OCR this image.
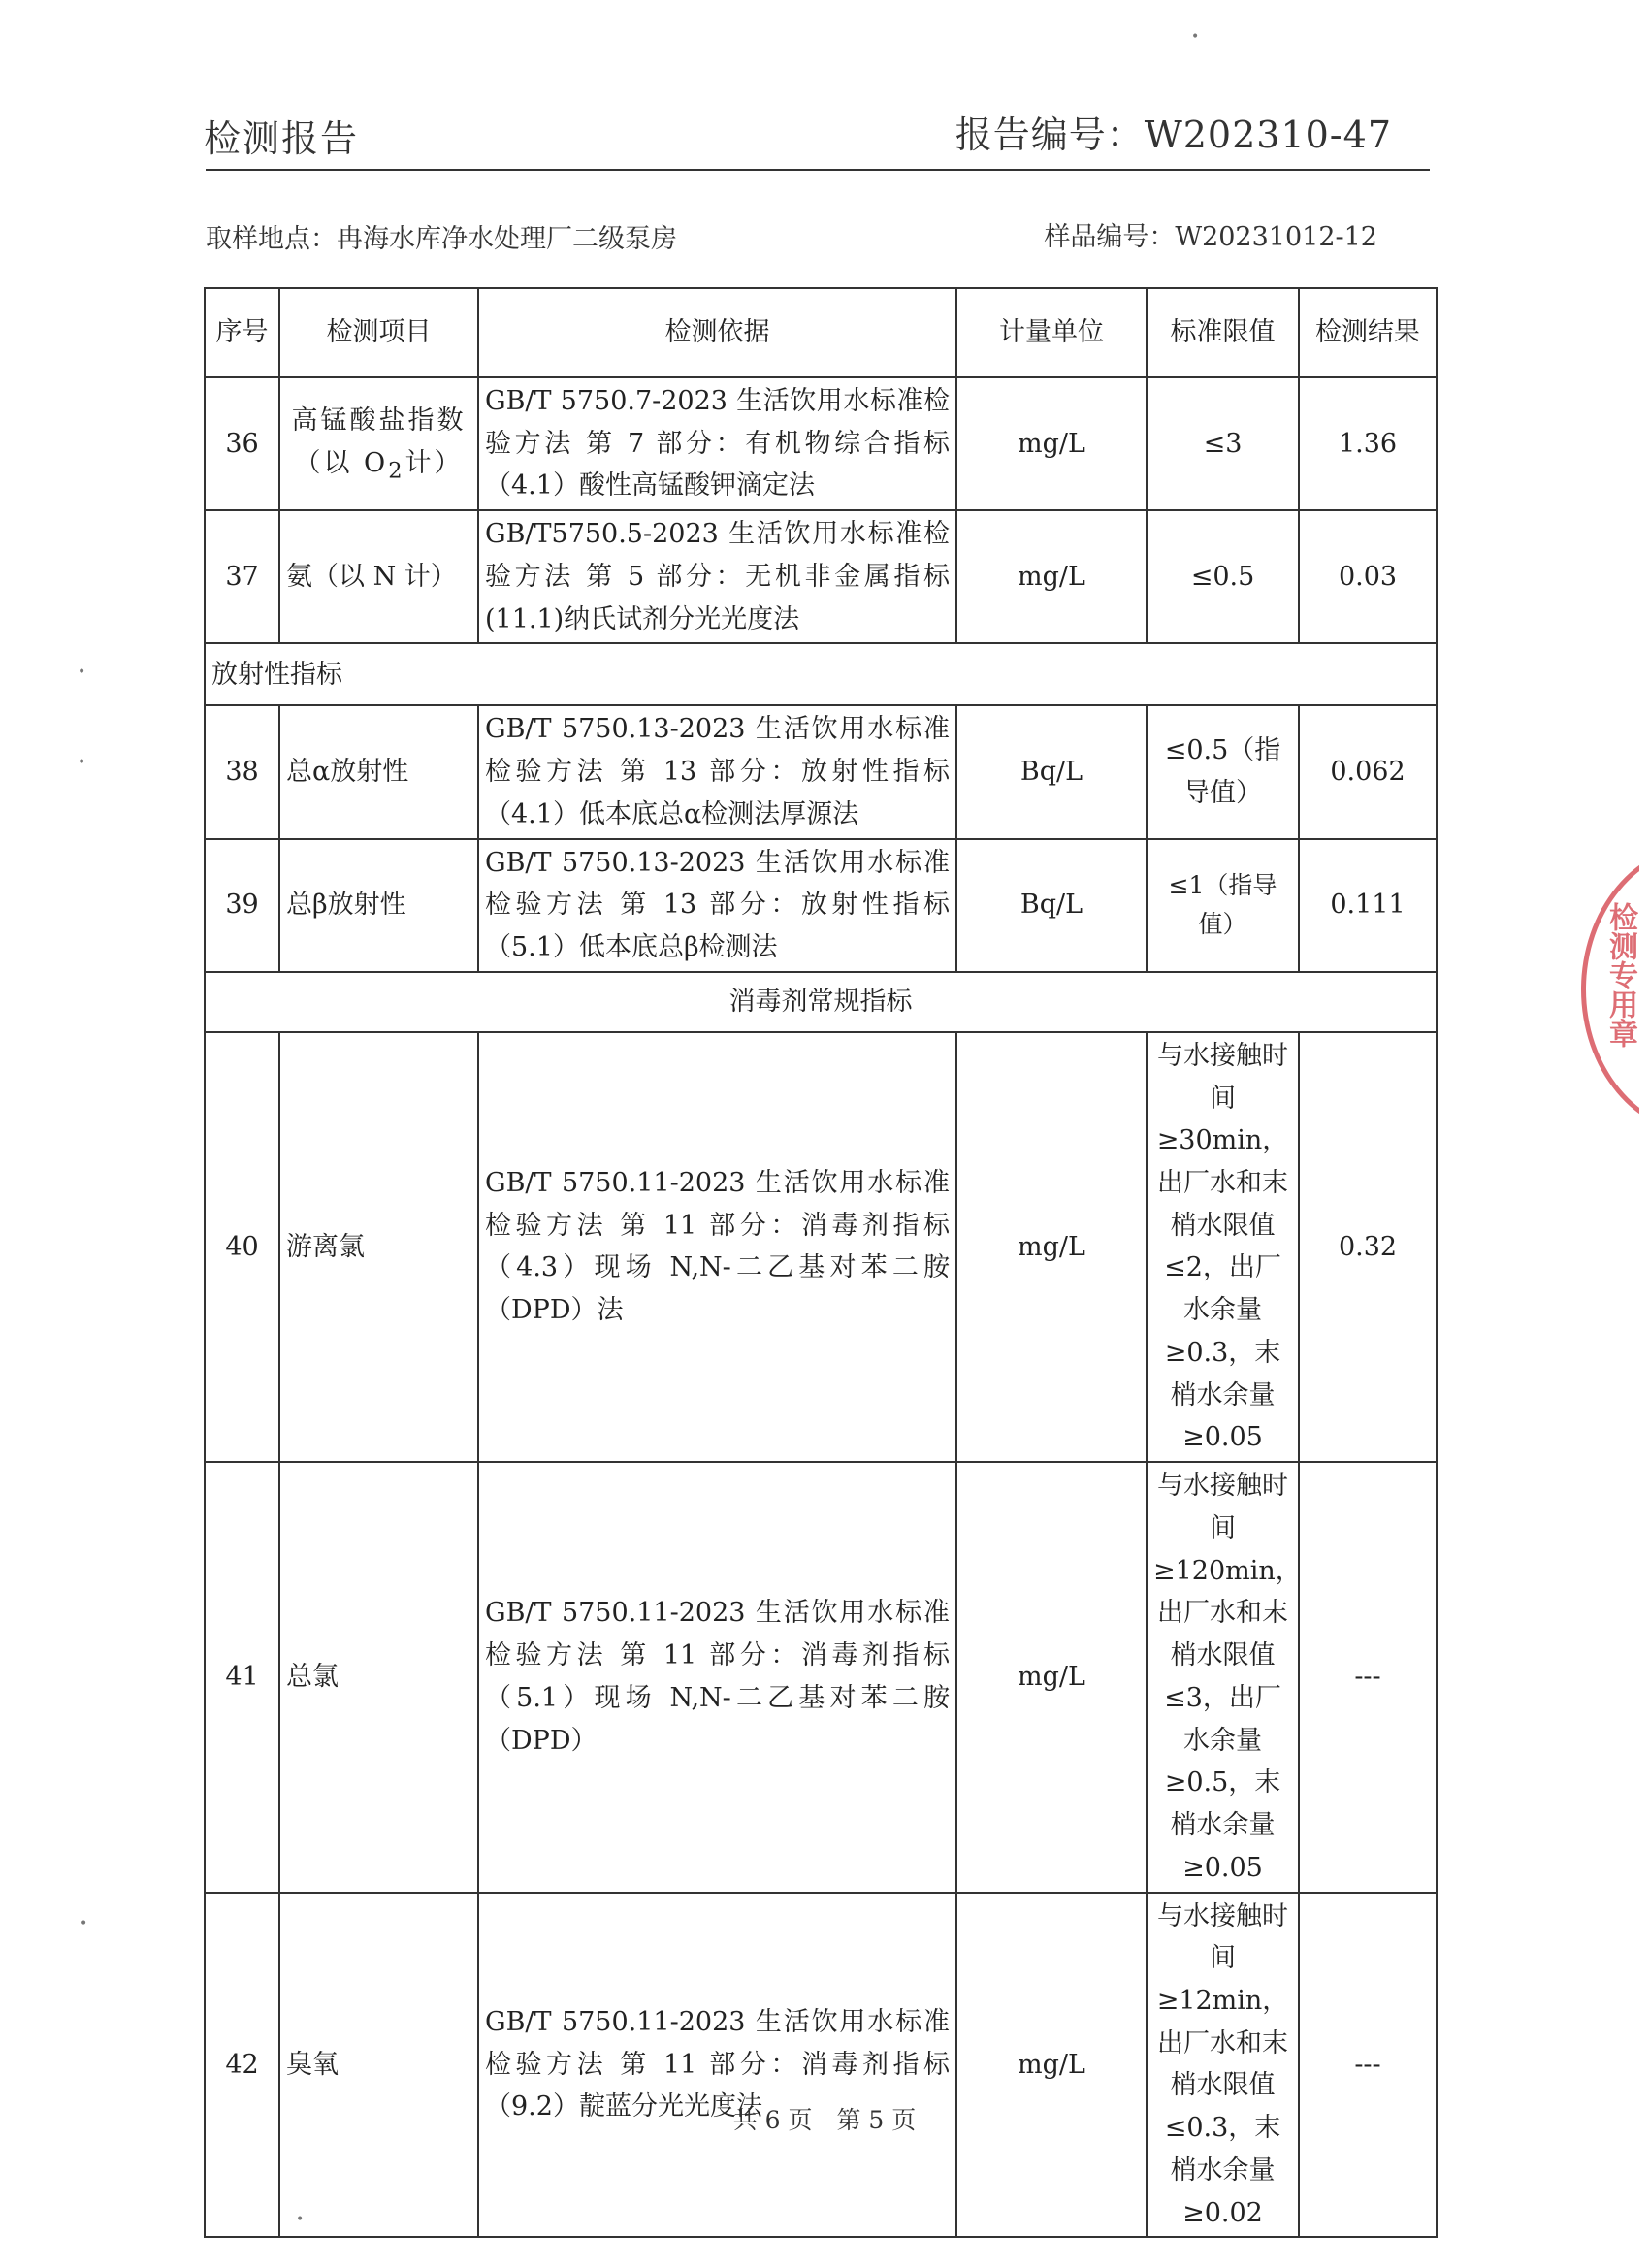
检测报告	报告编号：W202310-47
取样地点：冉海水库净水处理厂二级泵房	样品编号：W20231012-12
序号	检测项目	检测依据	计量单位	标准限值	检测结果
36	高锰酸盐指数（以 $O_2$计）	GB/T 5750.7-2023 生活饮用水标准检验方法 第 7 部分：有机物综合指标（4.1）酸性高锰酸钾滴定法	mg/L	≤3	1.36
37	氨（以 N 计）	GB/T5750.5-2023 生活饮用水标准检验方法 第 5 部分：无机非金属指标(11.1)纳氏试剂分光光度法	mg/L	≤0.5	0.03
放射性指标					
38	总α放射性	GB/T 5750.13-2023 生活饮用水标准检验方法 第 13 部分：放射性指标（4.1）低本底总α检测法厚源法	Bq/L	≤0.5（指导值）	0.062
39	总β放射性	GB/T 5750.13-2023 生活饮用水标准检验方法 第 13 部分：放射性指标（5.1）低本底总β检测法	Bq/L	≤1（指导值）	0.111
消毒剂常规指标					
40	游离氯	GB/T 5750.11-2023 生活饮用水标准检验方法 第 11 部分：消毒剂指标（4.3）现场 N,N-二乙基对苯二胺（DPD）法	mg/L	与水接触时间≥30min，出厂水和末梢水限值≤2，出厂水余量≥0.3，末梢水余量≥0.05	0.32
41	总氯	GB/T 5750.11-2023 生活饮用水标准检验方法 第 11 部分：消毒剂指标（5.1）现场 N,N-二乙基对苯二胺（DPD）	mg/L	与水接触时间≥120min，出厂水和末梢水限值≤3，出厂水余量≥0.5，末梢水余量≥0.05	---
42	臭氧	GB/T 5750.11-2023 生活饮用水标准检验方法 第 11 部分：消毒剂指标（9.2）靛蓝分光光度法	mg/L	与水接触时间≥12min，出厂水和末梢水限值≤0.3，末梢水余量≥0.02	---
共 6 页　第 5 页
检测专用章
•
•
•
•
•
